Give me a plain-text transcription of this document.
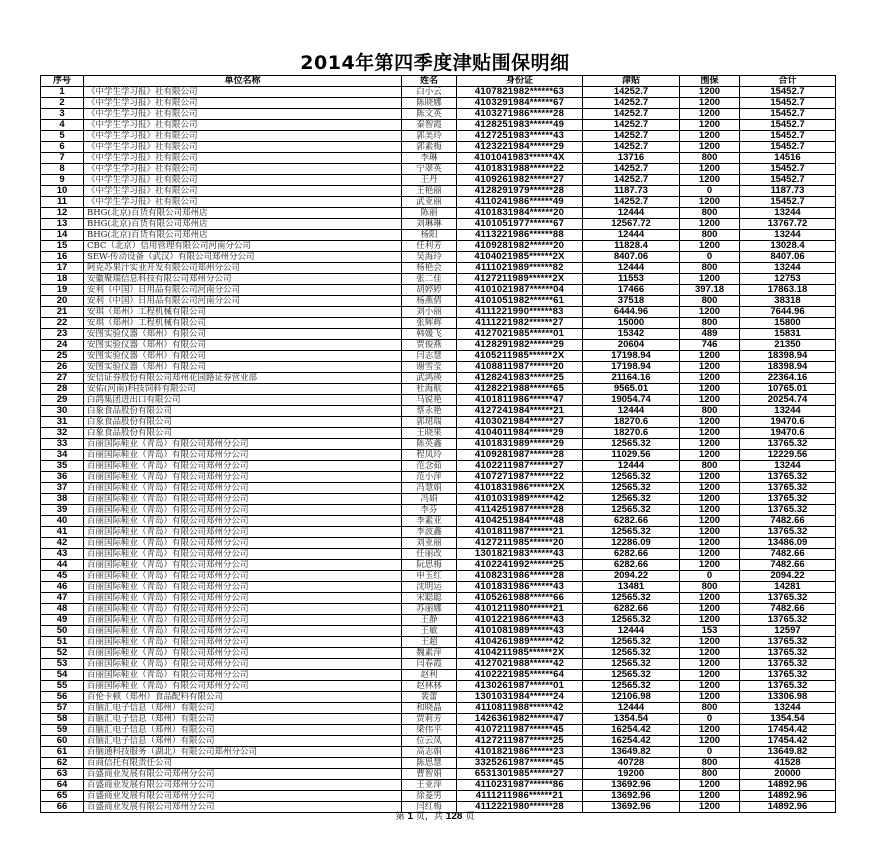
2014年第四季度津贴围保明细
序号	单位名称	姓名	身份证	津贴	围保	合计
1	《中学生学习报》社有限公司	白小云	4107821982******63	14252.7	1200	15452.7
2	《中学生学习报》社有限公司	陈晓娜	4103291984******67	14252.7	1200	15452.7
3	《中学生学习报》社有限公司	陈文英	4103271986******28	14252.7	1200	15452.7
4	《中学生学习报》社有限公司	秦智霞	4128251983******49	14252.7	1200	15452.7
5	《中学生学习报》社有限公司	郭美玲	4127251983******43	14252.7	1200	15452.7
6	《中学生学习报》社有限公司	郭素梅	4123221984******29	14252.7	1200	15452.7
7	《中学生学习报》社有限公司	李琳	4101041983******4X	13716	800	14516
8	《中学生学习报》社有限公司	宁翠英	4101831988******22	14252.7	1200	15452.7
9	《中学生学习报》社有限公司	王丹	4109261982******27	14252.7	1200	15452.7
10	《中学生学习报》社有限公司	王艳丽	4128291979******28	1187.73	0	1187.73
11	《中学生学习报》社有限公司	武亚丽	4110241986******49	14252.7	1200	15452.7
12	BHG(北京)百货有限公司郑州店	陈丽	4101831984******20	12444	800	13244
13	BHG(北京)百货有限公司郑州店	刘琳琳	4101051977******67	12567.72	1200	13767.72
14	BHG(北京)百货有限公司郑州店	杨阳	4113221986******88	12444	800	13244
15	CBC（北京）信用管理有限公司河南分公司	任利芳	4109281982******20	11828.4	1200	13028.4
16	SEW-传动设备（武汉）有限公司郑州分公司	吴海玲	4104021985******2X	8407.06	0	8407.06
17	阿克苏果汁实业开发有限公司郑州分公司	杨艳会	4111021989******82	12444	800	13244
18	安徽聚瑞信息科技有限公司郑州分公司	张二佳	4127211989******2X	11553	1200	12753
19	安利（中国）日用品有限公司河南分公司	胡婷婷	4101021987******04	17466	397.18	17863.18
20	安利（中国）日用品有限公司河南分公司	杨燕倩	4101051982******61	37518	800	38318
21	安琪（郑州）工程机械有限公司	刘小丽	4111221990******83	6444.96	1200	7644.96
22	安琪（郑州）工程机械有限公司	张辉辉	4111221982******27	15000	800	15800
23	安图实验仪器（郑州）有限公司	韩媛飞	4127021985******01	15342	489	15831
24	安图实验仪器（郑州）有限公司	贾俊燕	4128291982******29	20604	746	21350
25	安图实验仪器（郑州）有限公司	闫志慧	4105211985******2X	17198.94	1200	18398.94
26	安图实验仪器（郑州）有限公司	谢雪莹	4108811987******20	17198.94	1200	18398.94
27	安信证券股份有限公司郑州花园路证券营业部	武鸿瑛	4128241983******25	21164.16	1200	22364.16
28	安佑(河南)科技饲料有限公司	杜海航	4128221988******65	9565.01	1200	10765.01
29	白鸽集团进出口有限公司	马锐艳	4101811986******47	19054.74	1200	20254.74
30	白象食品股份有限公司	蔡永艳	4127241984******21	12444	800	13244
31	白象食品股份有限公司	郭珺瑞	4103021984******27	18270.6	1200	19470.6
32	白象食品股份有限公司	王晓果	4104011984******29	18270.6	1200	19470.6
33	百丽国际鞋业（青岛）有限公司郑州分公司	陈英鑫	4101831989******29	12565.32	1200	13765.32
34	百丽国际鞋业（青岛）有限公司郑州分公司	程凤玲	4109281987******28	11029.56	1200	12229.56
35	百丽国际鞋业（青岛）有限公司郑州分公司	范念茹	4102211987******27	12444	800	13244
36	百丽国际鞋业（青岛）有限公司郑州分公司	范小萍	4107271987******22	12565.32	1200	13765.32
37	百丽国际鞋业（青岛）有限公司郑州分公司	冯慧娟	4101831986******2X	12565.32	1200	13765.32
38	百丽国际鞋业（青岛）有限公司郑州分公司	冯娟	4101031989******42	12565.32	1200	13765.32
39	百丽国际鞋业（青岛）有限公司郑州分公司	李芬	4114251987******28	12565.32	1200	13765.32
40	百丽国际鞋业（青岛）有限公司郑州分公司	李素亚	4104251984******48	6282.66	1200	7482.66
41	百丽国际鞋业（青岛）有限公司郑州分公司	李波鑫	4101811987******21	12565.32	1200	13765.32
42	百丽国际鞋业（青岛）有限公司郑州分公司	刘亚丽	4127211985******20	12286.09	1200	13486.09
43	百丽国际鞋业（青岛）有限公司郑州分公司	任丽改	1301821983******43	6282.66	1200	7482.66
44	百丽国际鞋业（青岛）有限公司郑州分公司	阮思梅	4102241992******25	6282.66	1200	7482.66
45	百丽国际鞋业（青岛）有限公司郑州分公司	申玉红	4108231986******28	2094.22	0	2094.22
46	百丽国际鞋业（青岛）有限公司郑州分公司	沈明运	4101831986******43	13481	800	14281
47	百丽国际鞋业（青岛）有限公司郑州分公司	宋聪聪	4105261988******66	12565.32	1200	13765.32
48	百丽国际鞋业（青岛）有限公司郑州分公司	苏丽娜	4101211980******21	6282.66	1200	7482.66
49	百丽国际鞋业（青岛）有限公司郑州分公司	王静	4101221986******43	12565.32	1200	13765.32
50	百丽国际鞋业（青岛）有限公司郑州分公司	王敏	4101081989******43	12444	153	12597
51	百丽国际鞋业（青岛）有限公司郑州分公司	王超	4104261989******42	12565.32	1200	13765.32
52	百丽国际鞋业（青岛）有限公司郑州分公司	魏素萍	4104211985******2X	12565.32	1200	13765.32
53	百丽国际鞋业（青岛）有限公司郑州分公司	闫春霞	4127021988******42	12565.32	1200	13765.32
54	百丽国际鞋业（青岛）有限公司郑州分公司	赵利	4102221985******64	12565.32	1200	13765.32
55	百丽国际鞋业（青岛）有限公司郑州分公司	赵林林	4130261987******01	12565.32	1200	13765.32
56	百伦卡顿（郑州）食品配料有限公司	裴蕾	1301031984******24	12106.98	1200	13306.98
57	百脑汇电子信息（郑州）有限公司	和晓晶	4110811988******42	12444	800	13244
58	百脑汇电子信息（郑州）有限公司	贾莉芳	1426361982******47	1354.54	0	1354.54
59	百脑汇电子信息（郑州）有限公司	梁伟平	4107211987******45	16254.42	1200	17454.42
60	百脑汇电子信息（郑州）有限公司	位云凤	4127211987******25	16254.42	1200	17454.42
61	百脑通科技服务（湖北）有限公司郑州分公司	高志娟	4101821986******23	13649.82	0	13649.82
62	百商信托有限责任公司	陈思慧	3325261987******45	40728	800	41528
63	百盛商业发展有限公司郑州分公司	曹智娟	6531301985******27	19200	800	20000
64	百盛商业发展有限公司郑州分公司	王亚萍	4110231987******86	13692.96	1200	14892.96
65	百盛商业发展有限公司郑州分公司	徐菱男	4111211986******21	13692.96	1200	14892.96
66	百盛商业发展有限公司郑州分公司	闫红梅	4112221980******28	13692.96	1200	14892.96
第 1 页，共 128 页
